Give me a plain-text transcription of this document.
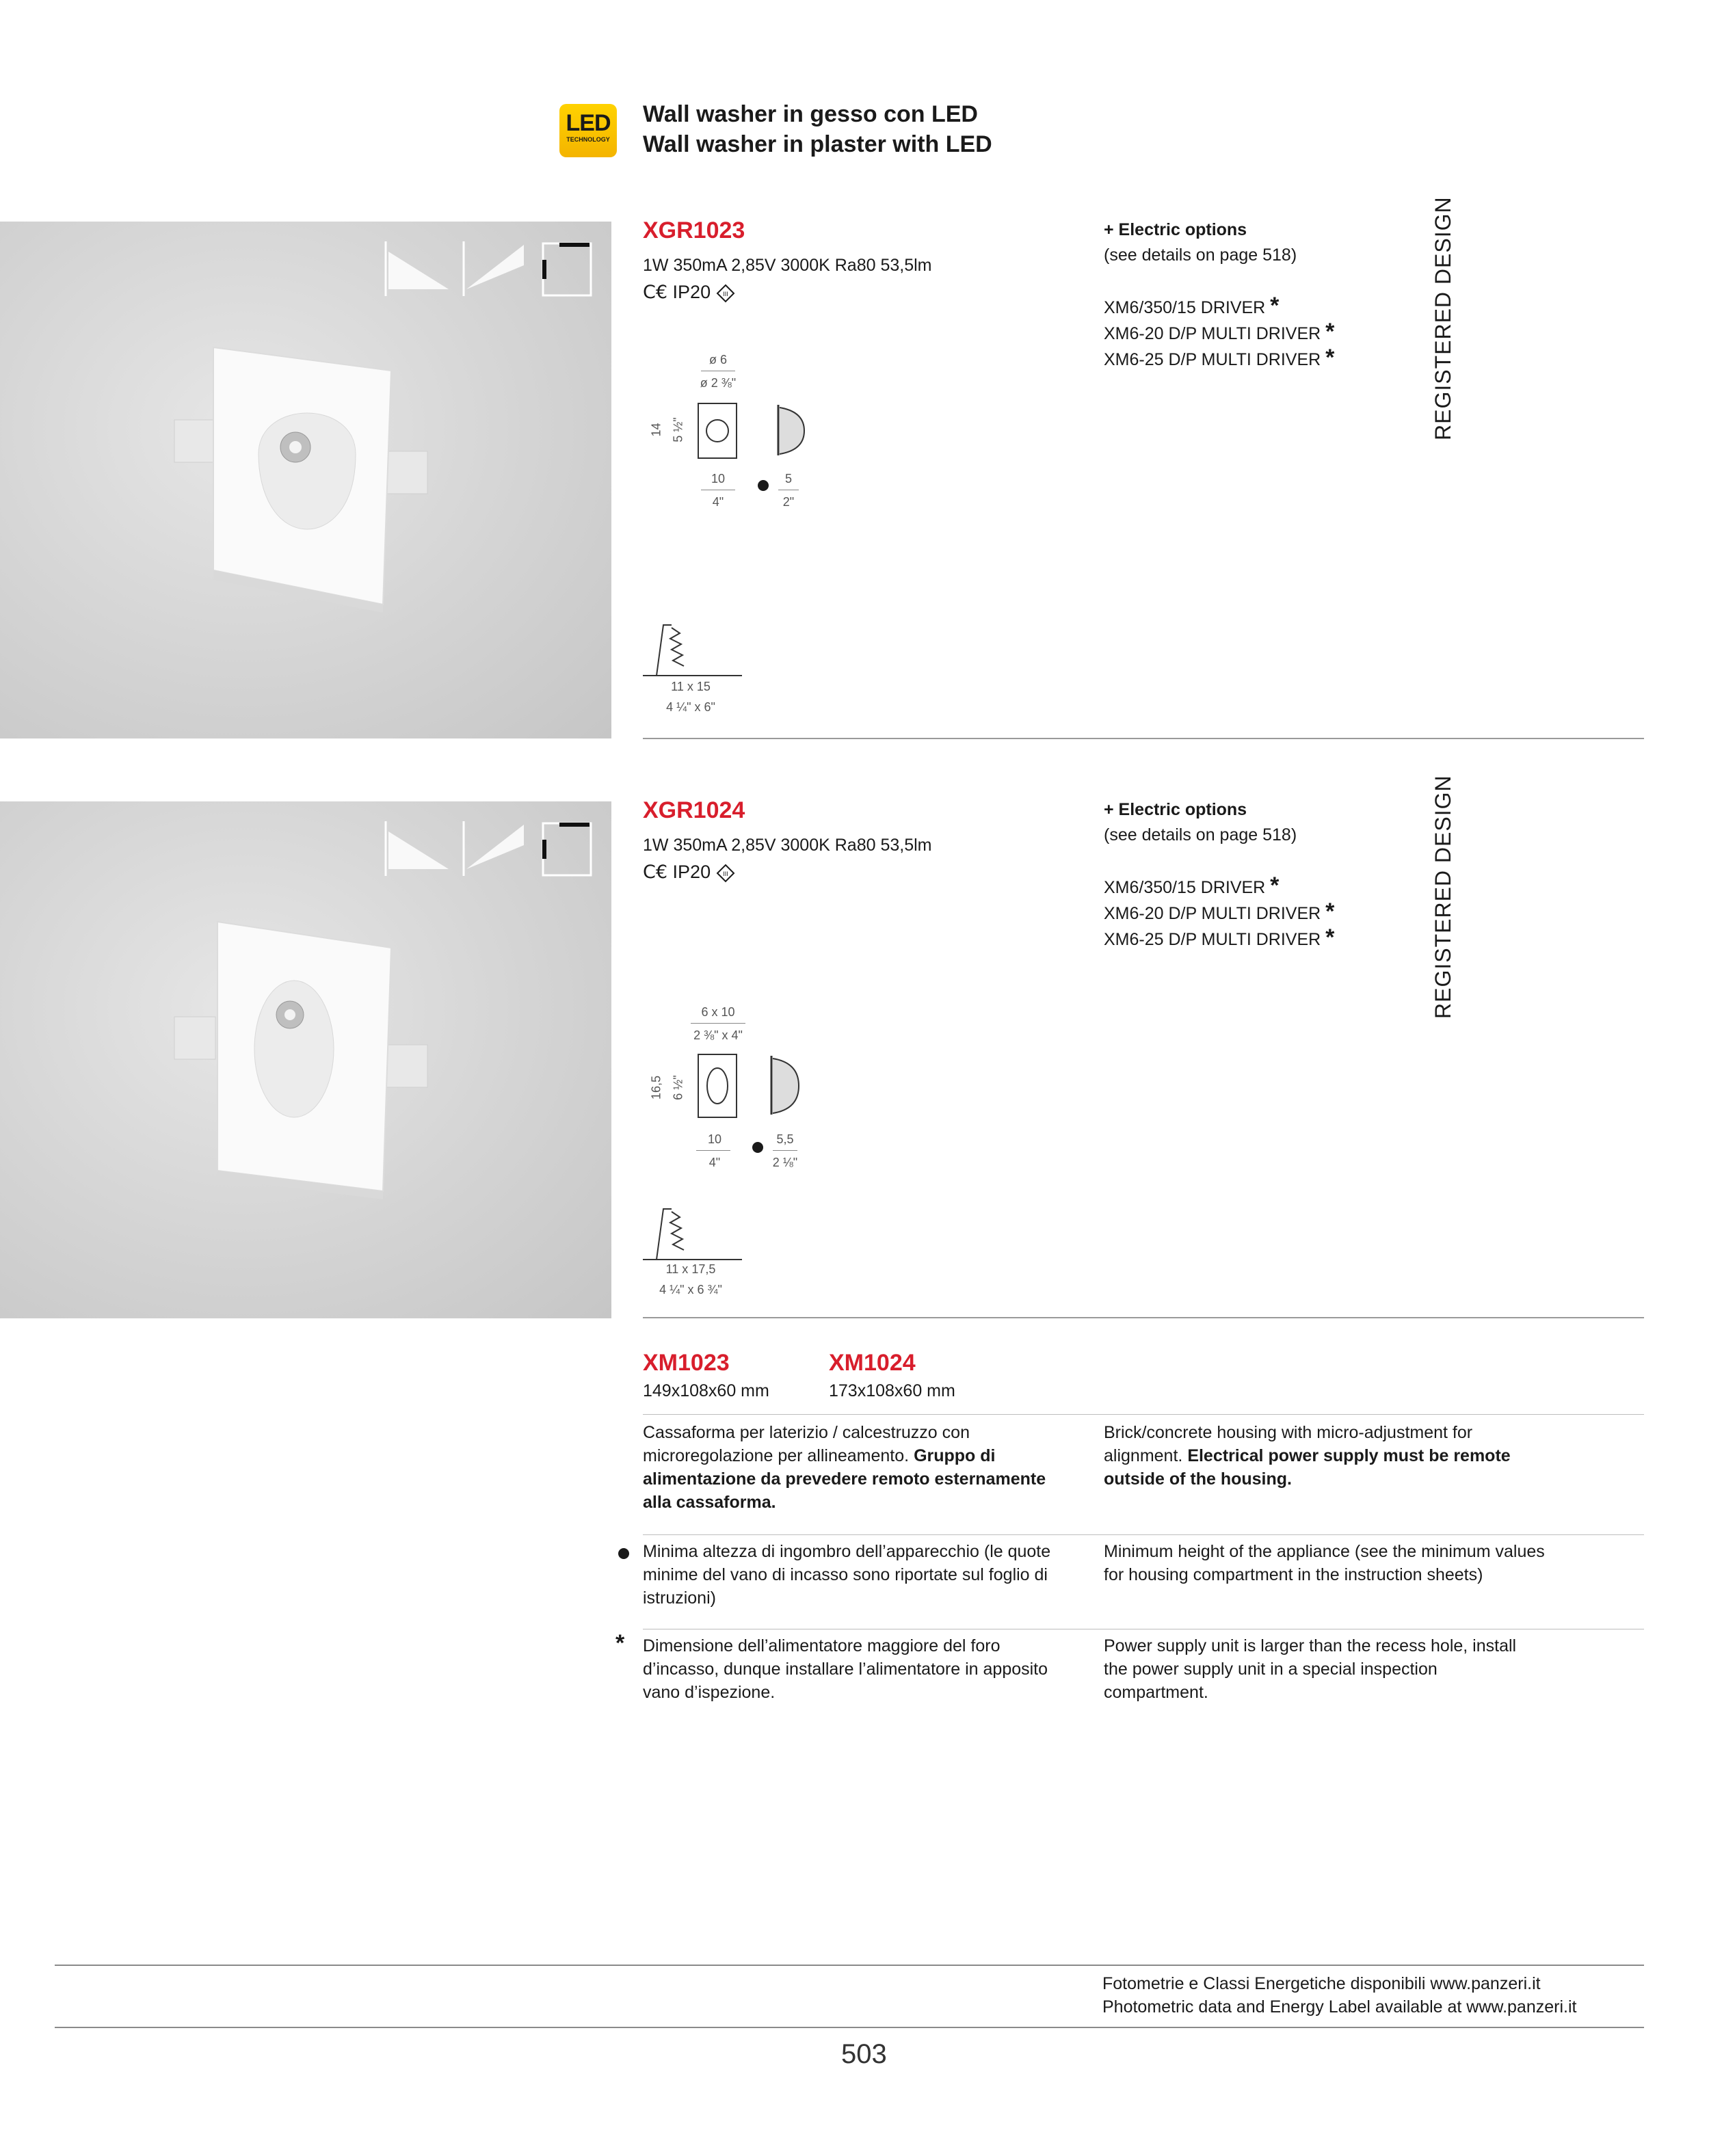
LED
TECHNOLOGY
Wall washer in gesso con LED
Wall washer in plaster with LED
XGR1023
1W 350mA 2,85V 3000K Ra80 53,5lm
C€ IP20 III
ø 6
ø 2 ⅜"
14 5 ½"
10
4"
5
2"
11 x 15
4 ¼" x 6"
+ Electric options
(see details on page 518)
XM6/350/15 DRIVER *
XM6-20 D/P MULTI DRIVER *
XM6-25 D/P MULTI DRIVER *	REGISTERED DESIGN
XGR1024
1W 350mA 2,85V 3000K Ra80 53,5lm
C€ IP20 III
6 x 10
2 ⅜" x 4"
16,5 6 ½"
10
4"
5,5
2 ⅛"
11 x 17,5
4 ¼" x 6 ¾"
+ Electric options
(see details on page 518)
XM6/350/15 DRIVER *
XM6-20 D/P MULTI DRIVER *
XM6-25 D/P MULTI DRIVER *	REGISTERED DESIGN
XM1023
149x108x60 mm
XM1024
173x108x60 mm
Cassaforma per laterizio / calcestruzzo con microregolazione per allineamento. Gruppo di alimentazione da prevedere remoto esternamente alla cassaforma.
Brick/concrete housing with micro-adjustment for alignment. Electrical power supply must be remote outside of the housing.
Minima altezza di ingombro dell’apparecchio (le quote minime del vano di incasso sono riportate sul foglio di istruzioni)
Minimum height of the appliance (see the minimum values for housing compartment in the instruction sheets)
* Dimensione dell’alimentatore maggiore del foro d’incasso, dunque installare l’alimentatore in apposito vano d’ispezione.
Power supply unit is larger than the recess hole, install the power supply unit in a special inspection compartment.
Fotometrie e Classi Energetiche disponibili www.panzeri.it
Photometric data and Energy Label available at www.panzeri.it
503
